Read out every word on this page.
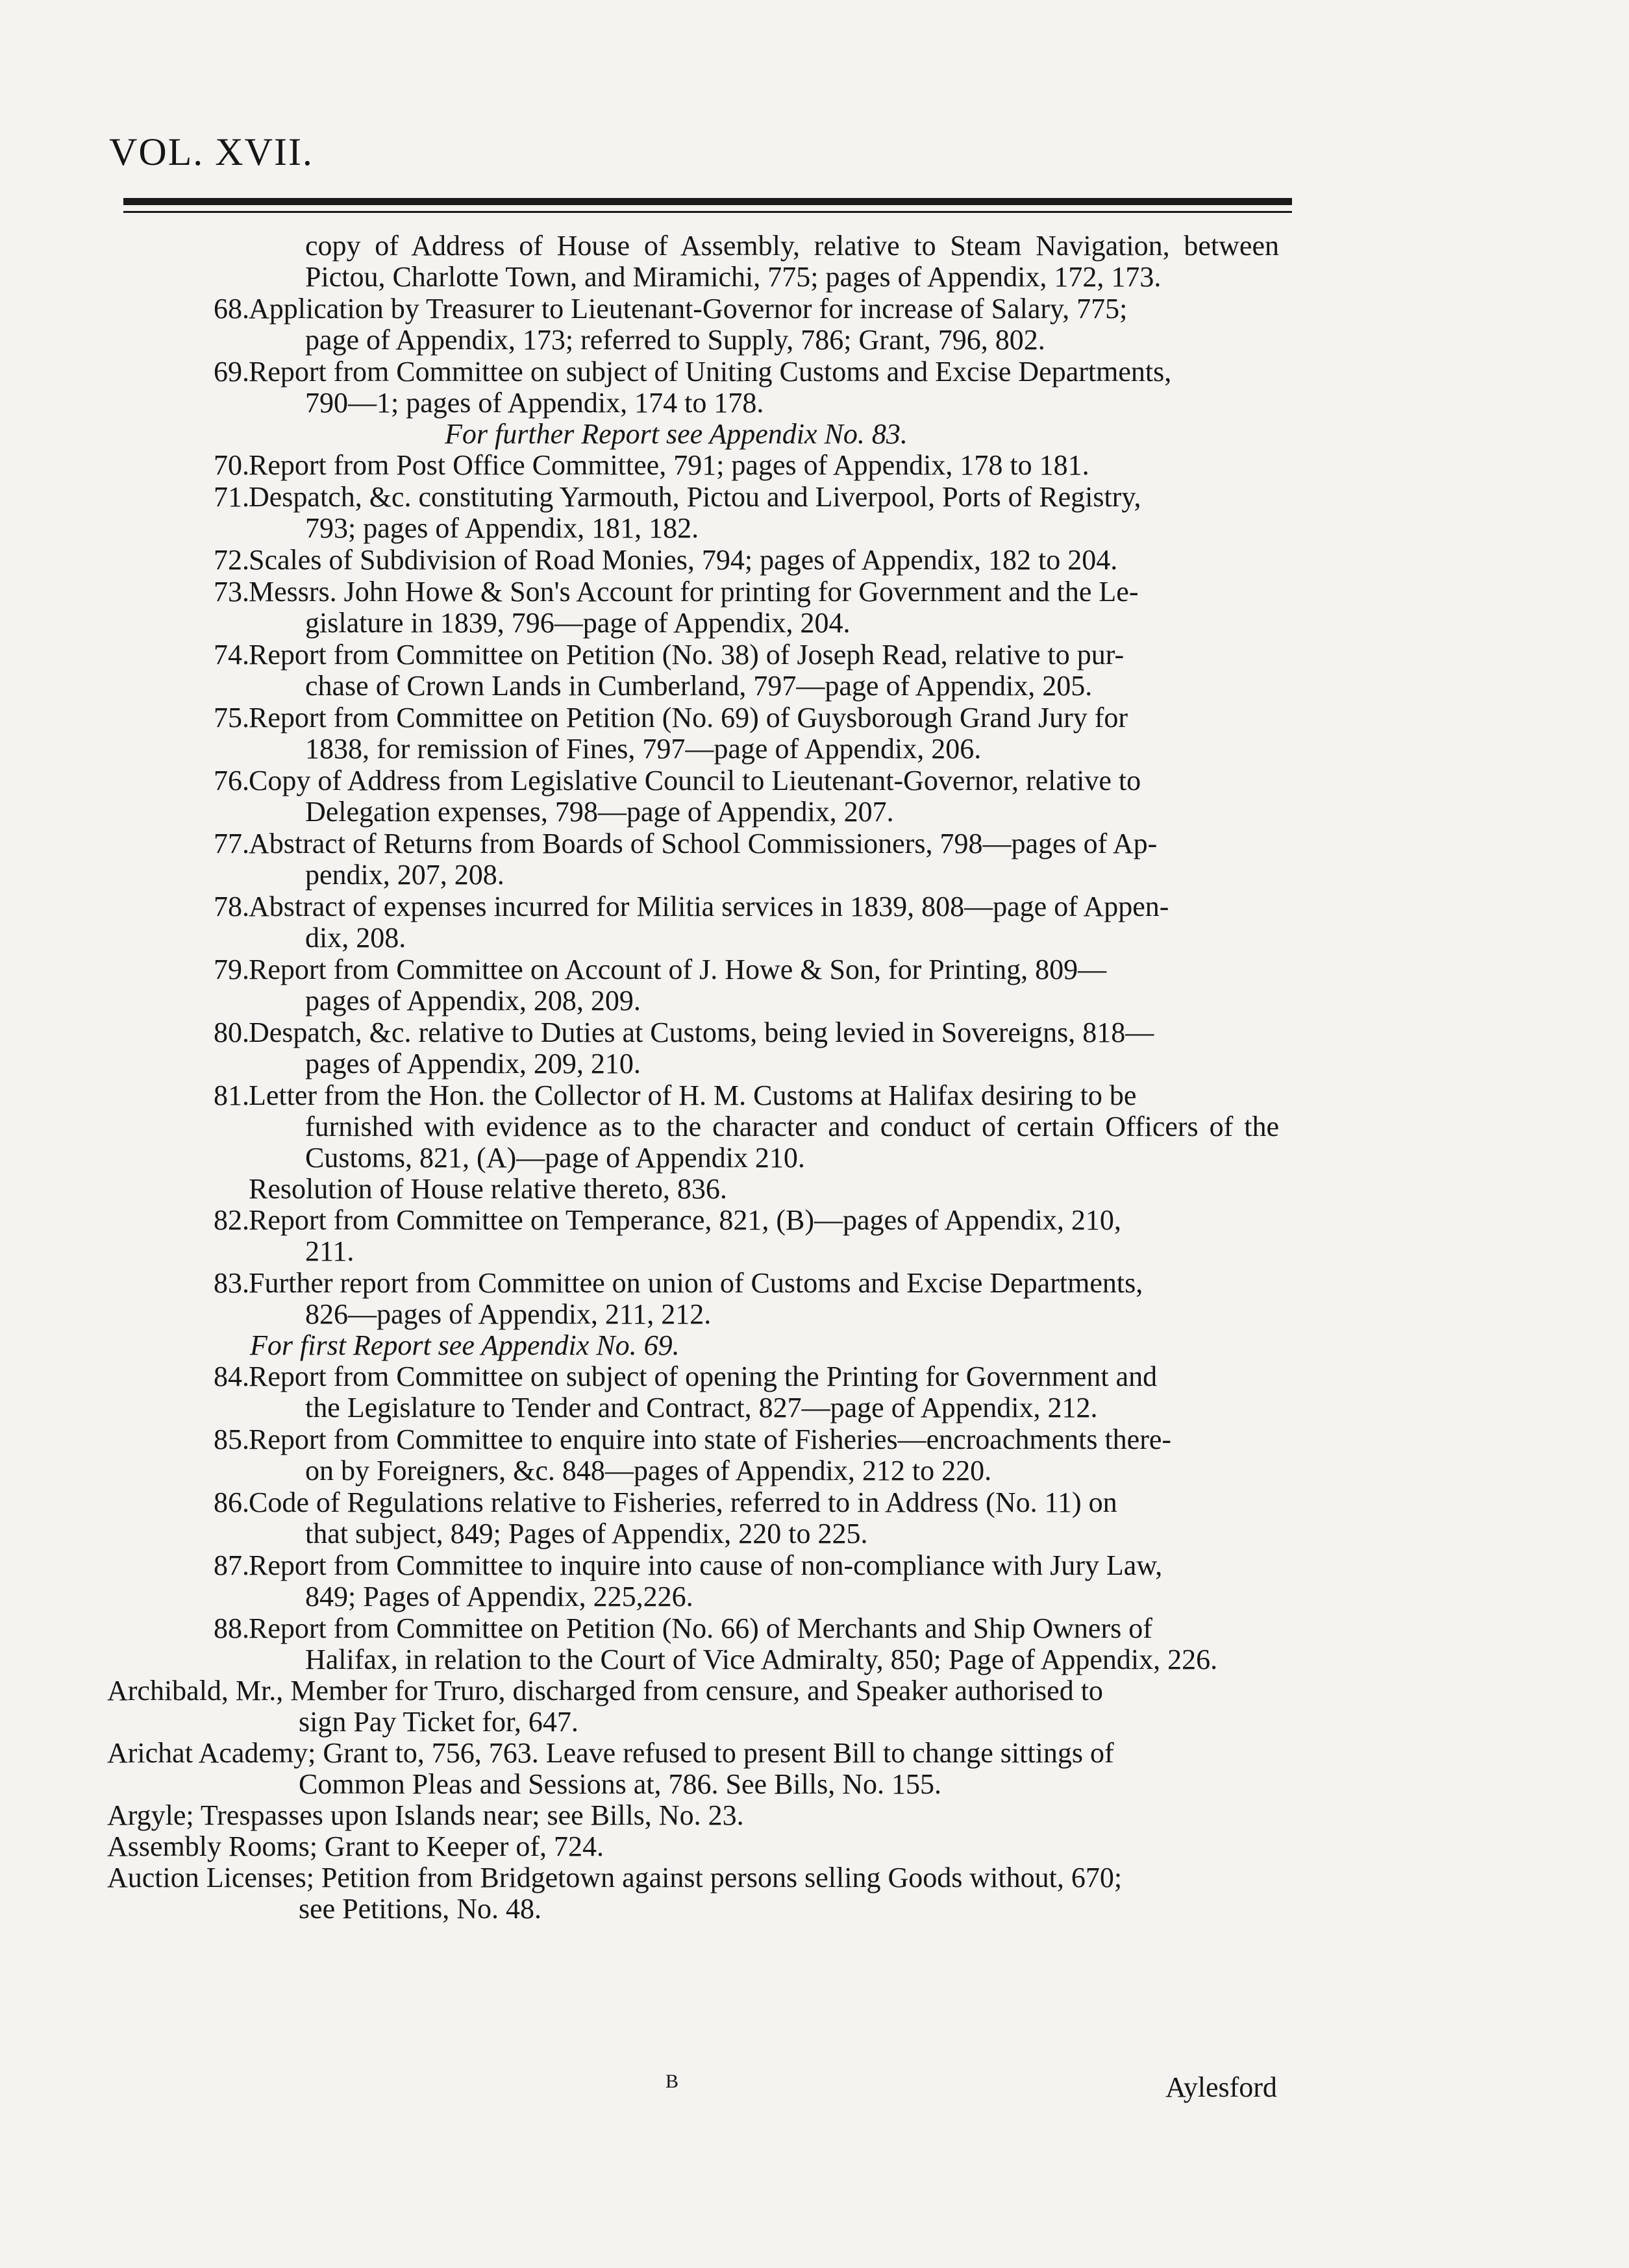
VOL. XVII.
copy of Address of House of Assembly, relative to Steam Navigation, between Pictou, Charlotte Town, and Miramichi, 775; pages of Appendix, 172, 173.
68. Application by Treasurer to Lieutenant-Governor for increase of Salary, 775;
page of Appendix, 173; referred to Supply, 786; Grant, 796, 802.
69. Report from Committee on subject of Uniting Customs and Excise Departments,
790—1; pages of Appendix, 174 to 178.
For further Report see Appendix No. 83.
70. Report from Post Office Committee, 791; pages of Appendix, 178 to 181.
71. Despatch, &c. constituting Yarmouth, Pictou and Liverpool, Ports of Registry,
793; pages of Appendix, 181, 182.
72. Scales of Subdivision of Road Monies, 794; pages of Appendix, 182 to 204.
73. Messrs. John Howe & Son's Account for printing for Government and the Le-
gislature in 1839, 796—page of Appendix, 204.
74. Report from Committee on Petition (No. 38) of Joseph Read, relative to pur-
chase of Crown Lands in Cumberland, 797—page of Appendix, 205.
75. Report from Committee on Petition (No. 69) of Guysborough Grand Jury for
1838, for remission of Fines, 797—page of Appendix, 206.
76. Copy of Address from Legislative Council to Lieutenant-Governor, relative to
Delegation expenses, 798—page of Appendix, 207.
77. Abstract of Returns from Boards of School Commissioners, 798—pages of Ap-
pendix, 207, 208.
78. Abstract of expenses incurred for Militia services in 1839, 808—page of Appen-
dix, 208.
79. Report from Committee on Account of J. Howe & Son, for Printing, 809—
pages of Appendix, 208, 209.
80. Despatch, &c. relative to Duties at Customs, being levied in Sovereigns, 818—
pages of Appendix, 209, 210.
81. Letter from the Hon. the Collector of H. M. Customs at Halifax desiring to be
furnished with evidence as to the character and conduct of certain Officers of the Customs, 821, (A)—page of Appendix 210.
Resolution of House relative thereto, 836.
82. Report from Committee on Temperance, 821, (B)—pages of Appendix, 210,
211.
83. Further report from Committee on union of Customs and Excise Departments,
826—pages of Appendix, 211, 212.
For first Report see Appendix No. 69.
84. Report from Committee on subject of opening the Printing for Government and
the Legislature to Tender and Contract, 827—page of Appendix, 212.
85. Report from Committee to enquire into state of Fisheries—encroachments there-
on by Foreigners, &c. 848—pages of Appendix, 212 to 220.
86. Code of Regulations relative to Fisheries, referred to in Address (No. 11) on
that subject, 849; Pages of Appendix, 220 to 225.
87. Report from Committee to inquire into cause of non-compliance with Jury Law,
849; Pages of Appendix, 225,226.
88. Report from Committee on Petition (No. 66) of Merchants and Ship Owners of
Halifax, in relation to the Court of Vice Admiralty, 850; Page of Appendix, 226.
Archibald, Mr., Member for Truro, discharged from censure, and Speaker authorised to
sign Pay Ticket for, 647.
Arichat Academy; Grant to, 756, 763. Leave refused to present Bill to change sittings of
Common Pleas and Sessions at, 786. See Bills, No. 155.
Argyle; Trespasses upon Islands near; see Bills, No. 23.
Assembly Rooms; Grant to Keeper of, 724.
Auction Licenses; Petition from Bridgetown against persons selling Goods without, 670;
see Petitions, No. 48.
B	Aylesford
